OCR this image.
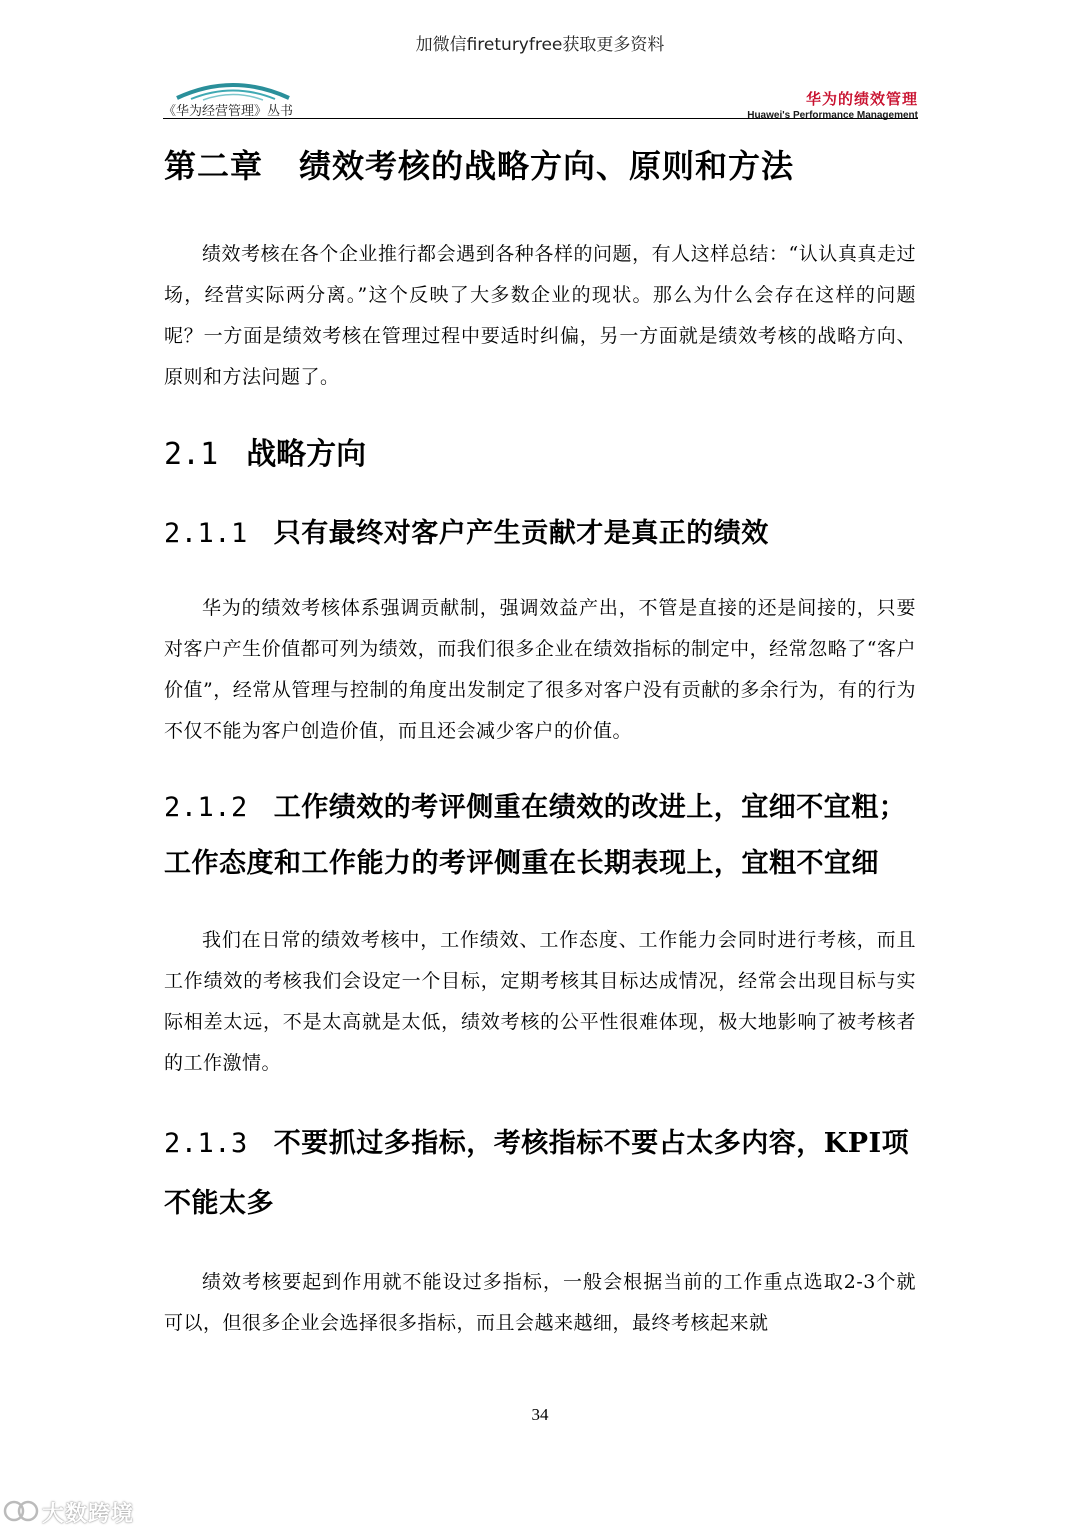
加微信fireturyfree获取更多资料
《华为经营管理》丛书
华为的绩效管理
Huawei's Performance Management
第二章 绩效考核的战略方向、原则和方法

绩效考核在各个企业推行都会遇到各种各样的问题，有人这样总结：“认认真真走过场，经营实际两分离。”这个反映了大多数企业的现状。那么为什么会存在这样的问题呢？一方面是绩效考核在管理过程中要适时纠偏，另一方面就是绩效考核的战略方向、原则和方法问题了。

2.1 战略方向
2.1.1 只有最终对客户产生贡献才是真正的绩效

华为的绩效考核体系强调贡献制，强调效益产出，不管是直接的还是间接的，只要对客户产生价值都可列为绩效，而我们很多企业在绩效指标的制定中，经常忽略了“客户价值”，经常从管理与控制的角度出发制定了很多对客户没有贡献的多余行为，有的行为不仅不能为客户创造价值，而且还会减少客户的价值。

2.1.2 工作绩效的考评侧重在绩效的改进上，宜细不宜粗；工作态度和工作能力的考评侧重在长期表现上，宜粗不宜细

我们在日常的绩效考核中，工作绩效、工作态度、工作能力会同时进行考核，而且工作绩效的考核我们会设定一个目标，定期考核其目标达成情况，经常会出现目标与实际相差太远，不是太高就是太低，绩效考核的公平性很难体现，极大地影响了被考核者的工作激情。

2.1.3 不要抓过多指标，考核指标不要占太多内容，KPI项不能太多

绩效考核要起到作用就不能设过多指标，一般会根据当前的工作重点选取2-3个就可以，但很多企业会选择很多指标，而且会越来越细，最终考核起来就

34
大数跨境
